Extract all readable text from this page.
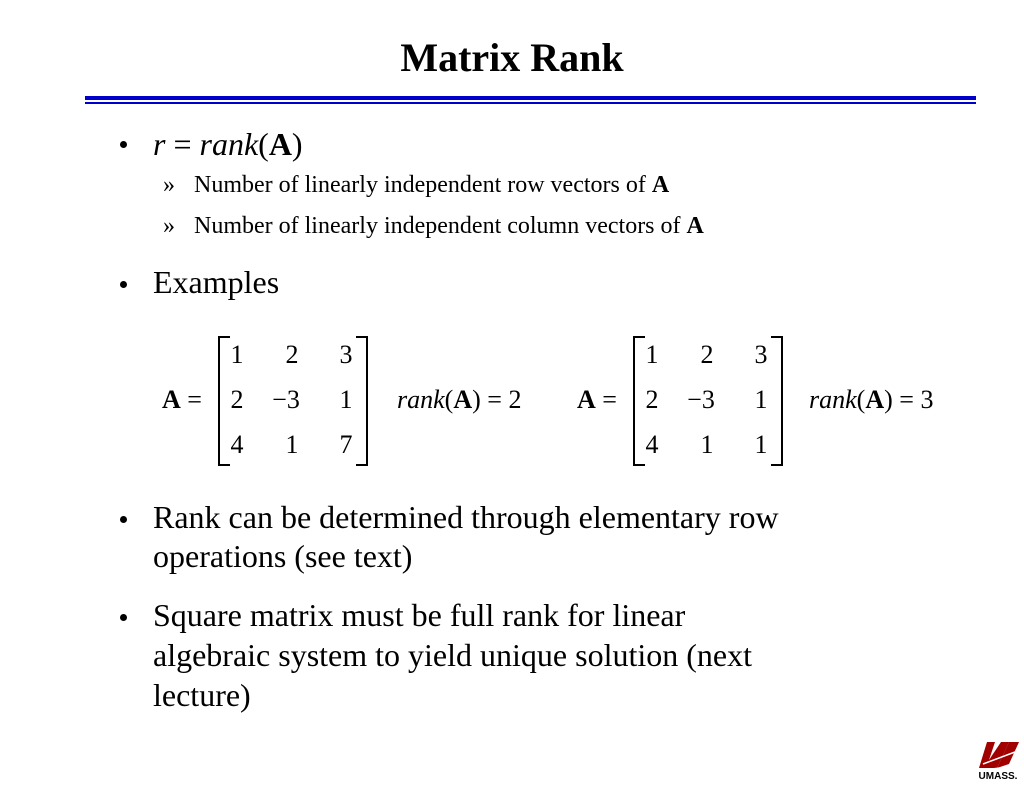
Matrix Rank
r = rank(A)
» Number of linearly independent row vectors of A
» Number of linearly independent column vectors of A
Examples
A =
1	2	3
2	−3	1
4	1	7
rank(A) = 2 A =
1	2	3
2	−3	1
4	1	1
rank(A) = 3
Rank can be determined through elementary row
operations (see text)
Square matrix must be full rank for linear
algebraic system to yield unique solution (next
lecture)
UMASS.
